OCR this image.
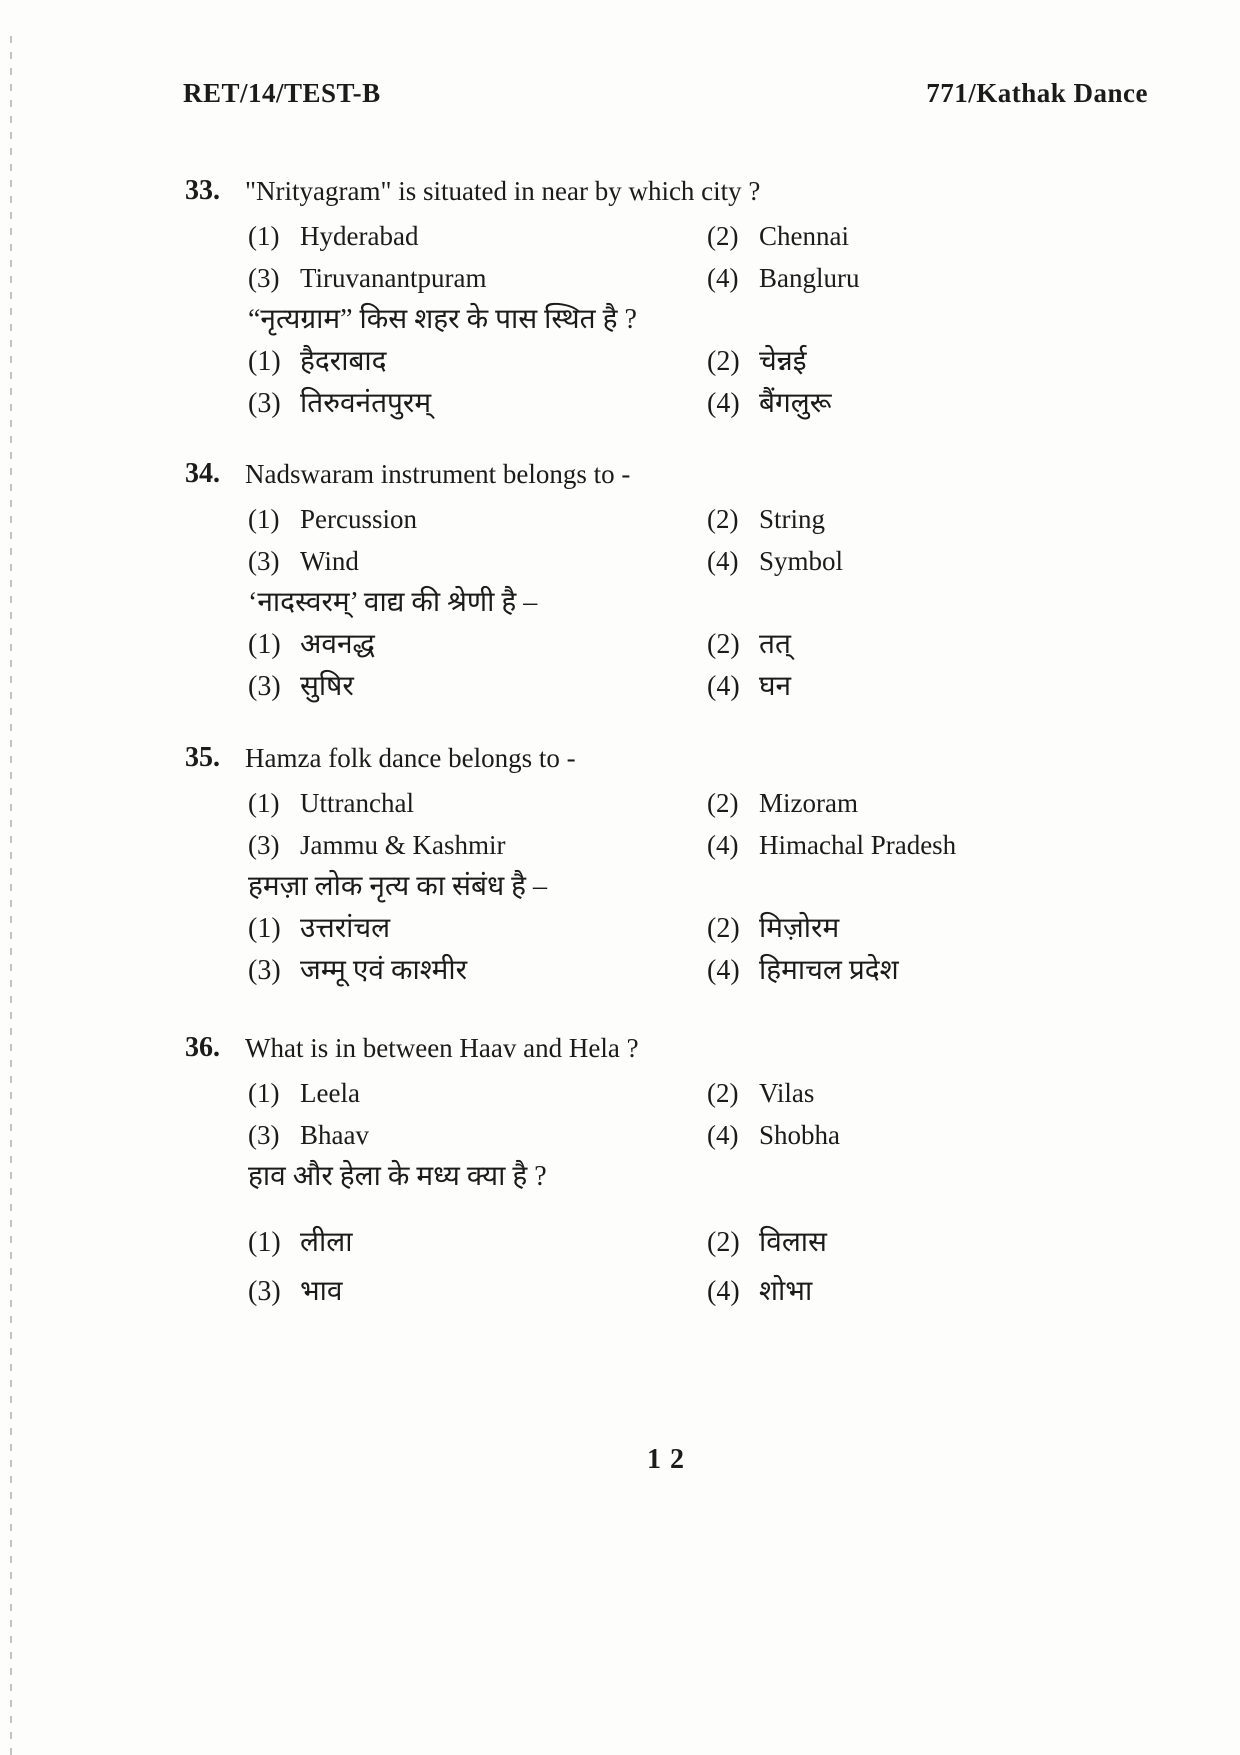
RET/14/TEST-B	771/Kathak Dance
33. "Nrityagram" is situated in near by which city ?
(1) Hyderabad	(2) Chennai
(3) Tiruvanantpuram	(4) Bangluru
“नृत्यग्राम” किस शहर के पास स्थित है ?
(1) हैदराबाद	(2) चेन्नई
(3) तिरुवनंतपुरम्	(4) बैंगलुरू
34. Nadswaram instrument belongs to -
(1) Percussion	(2) String
(3) Wind	(4) Symbol
‘नादस्वरम्’ वाद्य की श्रेणी है –
(1) अवनद्ध	(2) तत्
(3) सुषिर	(4) घन
35. Hamza folk dance belongs to -
(1) Uttranchal	(2) Mizoram
(3) Jammu & Kashmir	(4) Himachal Pradesh
हमज़ा लोक नृत्य का संबंध है –
(1) उत्तरांचल	(2) मिज़ोरम
(3) जम्मू एवं काश्मीर	(4) हिमाचल प्रदेश
36. What is in between Haav and Hela ?
(1) Leela	(2) Vilas
(3) Bhaav	(4) Shobha
हाव और हेला के मध्य क्या है ?
(1) लीला	(2) विलास
(3) भाव	(4) शोभा
12
